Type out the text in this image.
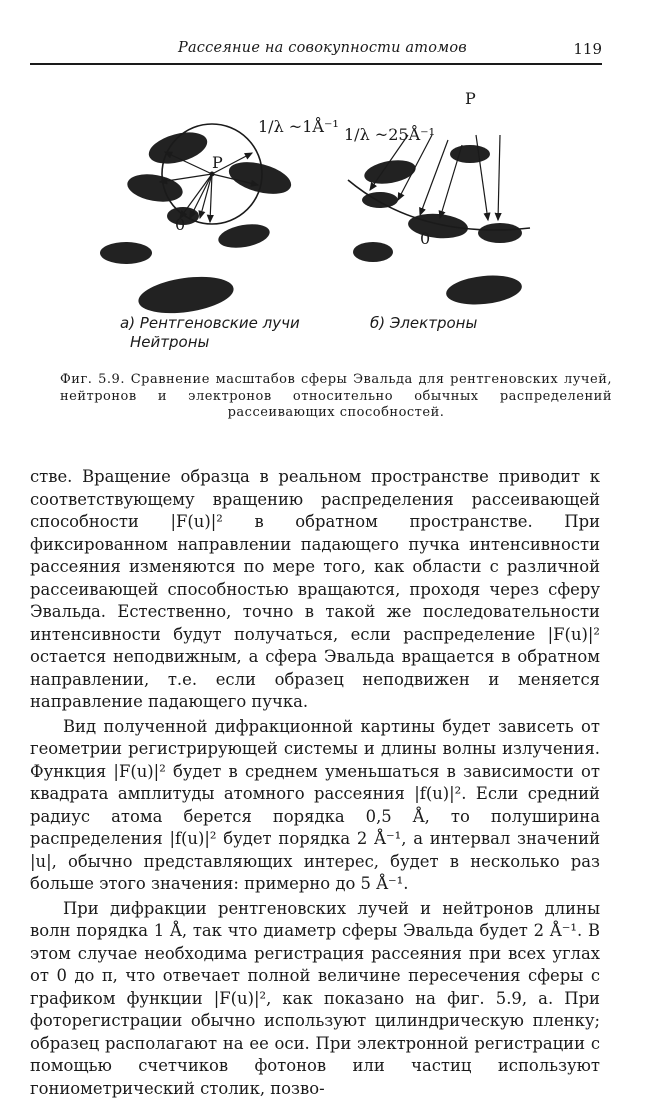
Рассеяние на совокупности атомов	119
P
0
1/λ ~1Å⁻¹
а) Рентгеновские лучи
Нейтроны
P
0
1/λ ~25Å⁻¹
б) Электроны

Фиг. 5.9. Сравнение масштабов сферы Эвальда для рентгеновских лучей, нейтронов и электронов относительно обычных распределений рассеивающих способностей.

стве. Вращение образца в реальном пространстве приводит к соответствующему вращению распределения рассеивающей способности |F(u)|² в обратном пространстве. При фиксированном направлении падающего пучка интенсивности рассеяния изменяются по мере того, как области с различной рассеивающей способностью вращаются, проходя через сферу Эвальда. Естественно, точно в такой же последовательности интенсивности будут получаться, если распределение |F(u)|² остается неподвижным, а сфера Эвальда вращается в обратном направлении, т.е. если образец неподвижен и меняется направление падающего пучка.

Вид полученной дифракционной картины будет зависеть от геометрии регистрирующей системы и длины волны излучения. Функция |F(u)|² будет в среднем уменьшаться в зависимости от квадрата амплитуды атомного рассеяния |f(u)|². Если средний радиус атома берется порядка 0,5 Å, то полуширина распределения |f(u)|² будет порядка 2 Å⁻¹, а интервал значений |u|, обычно представляющих интерес, будет в несколько раз больше этого значения: примерно до 5 Å⁻¹.

При дифракции рентгеновских лучей и нейтронов длины волн порядка 1 Å, так что диаметр сферы Эвальда будет 2 Å⁻¹. В этом случае необходима регистрация рассеяния при всех углах от 0 до π, что отвечает полной величине пересечения сферы с графиком функции |F(u)|², как показано на фиг. 5.9, а. При фоторегистрации обычно используют цилиндрическую пленку; образец располагают на ее оси. При электронной регистрации с помощью счетчиков фотонов или частиц используют гониометрический столик, позво-
